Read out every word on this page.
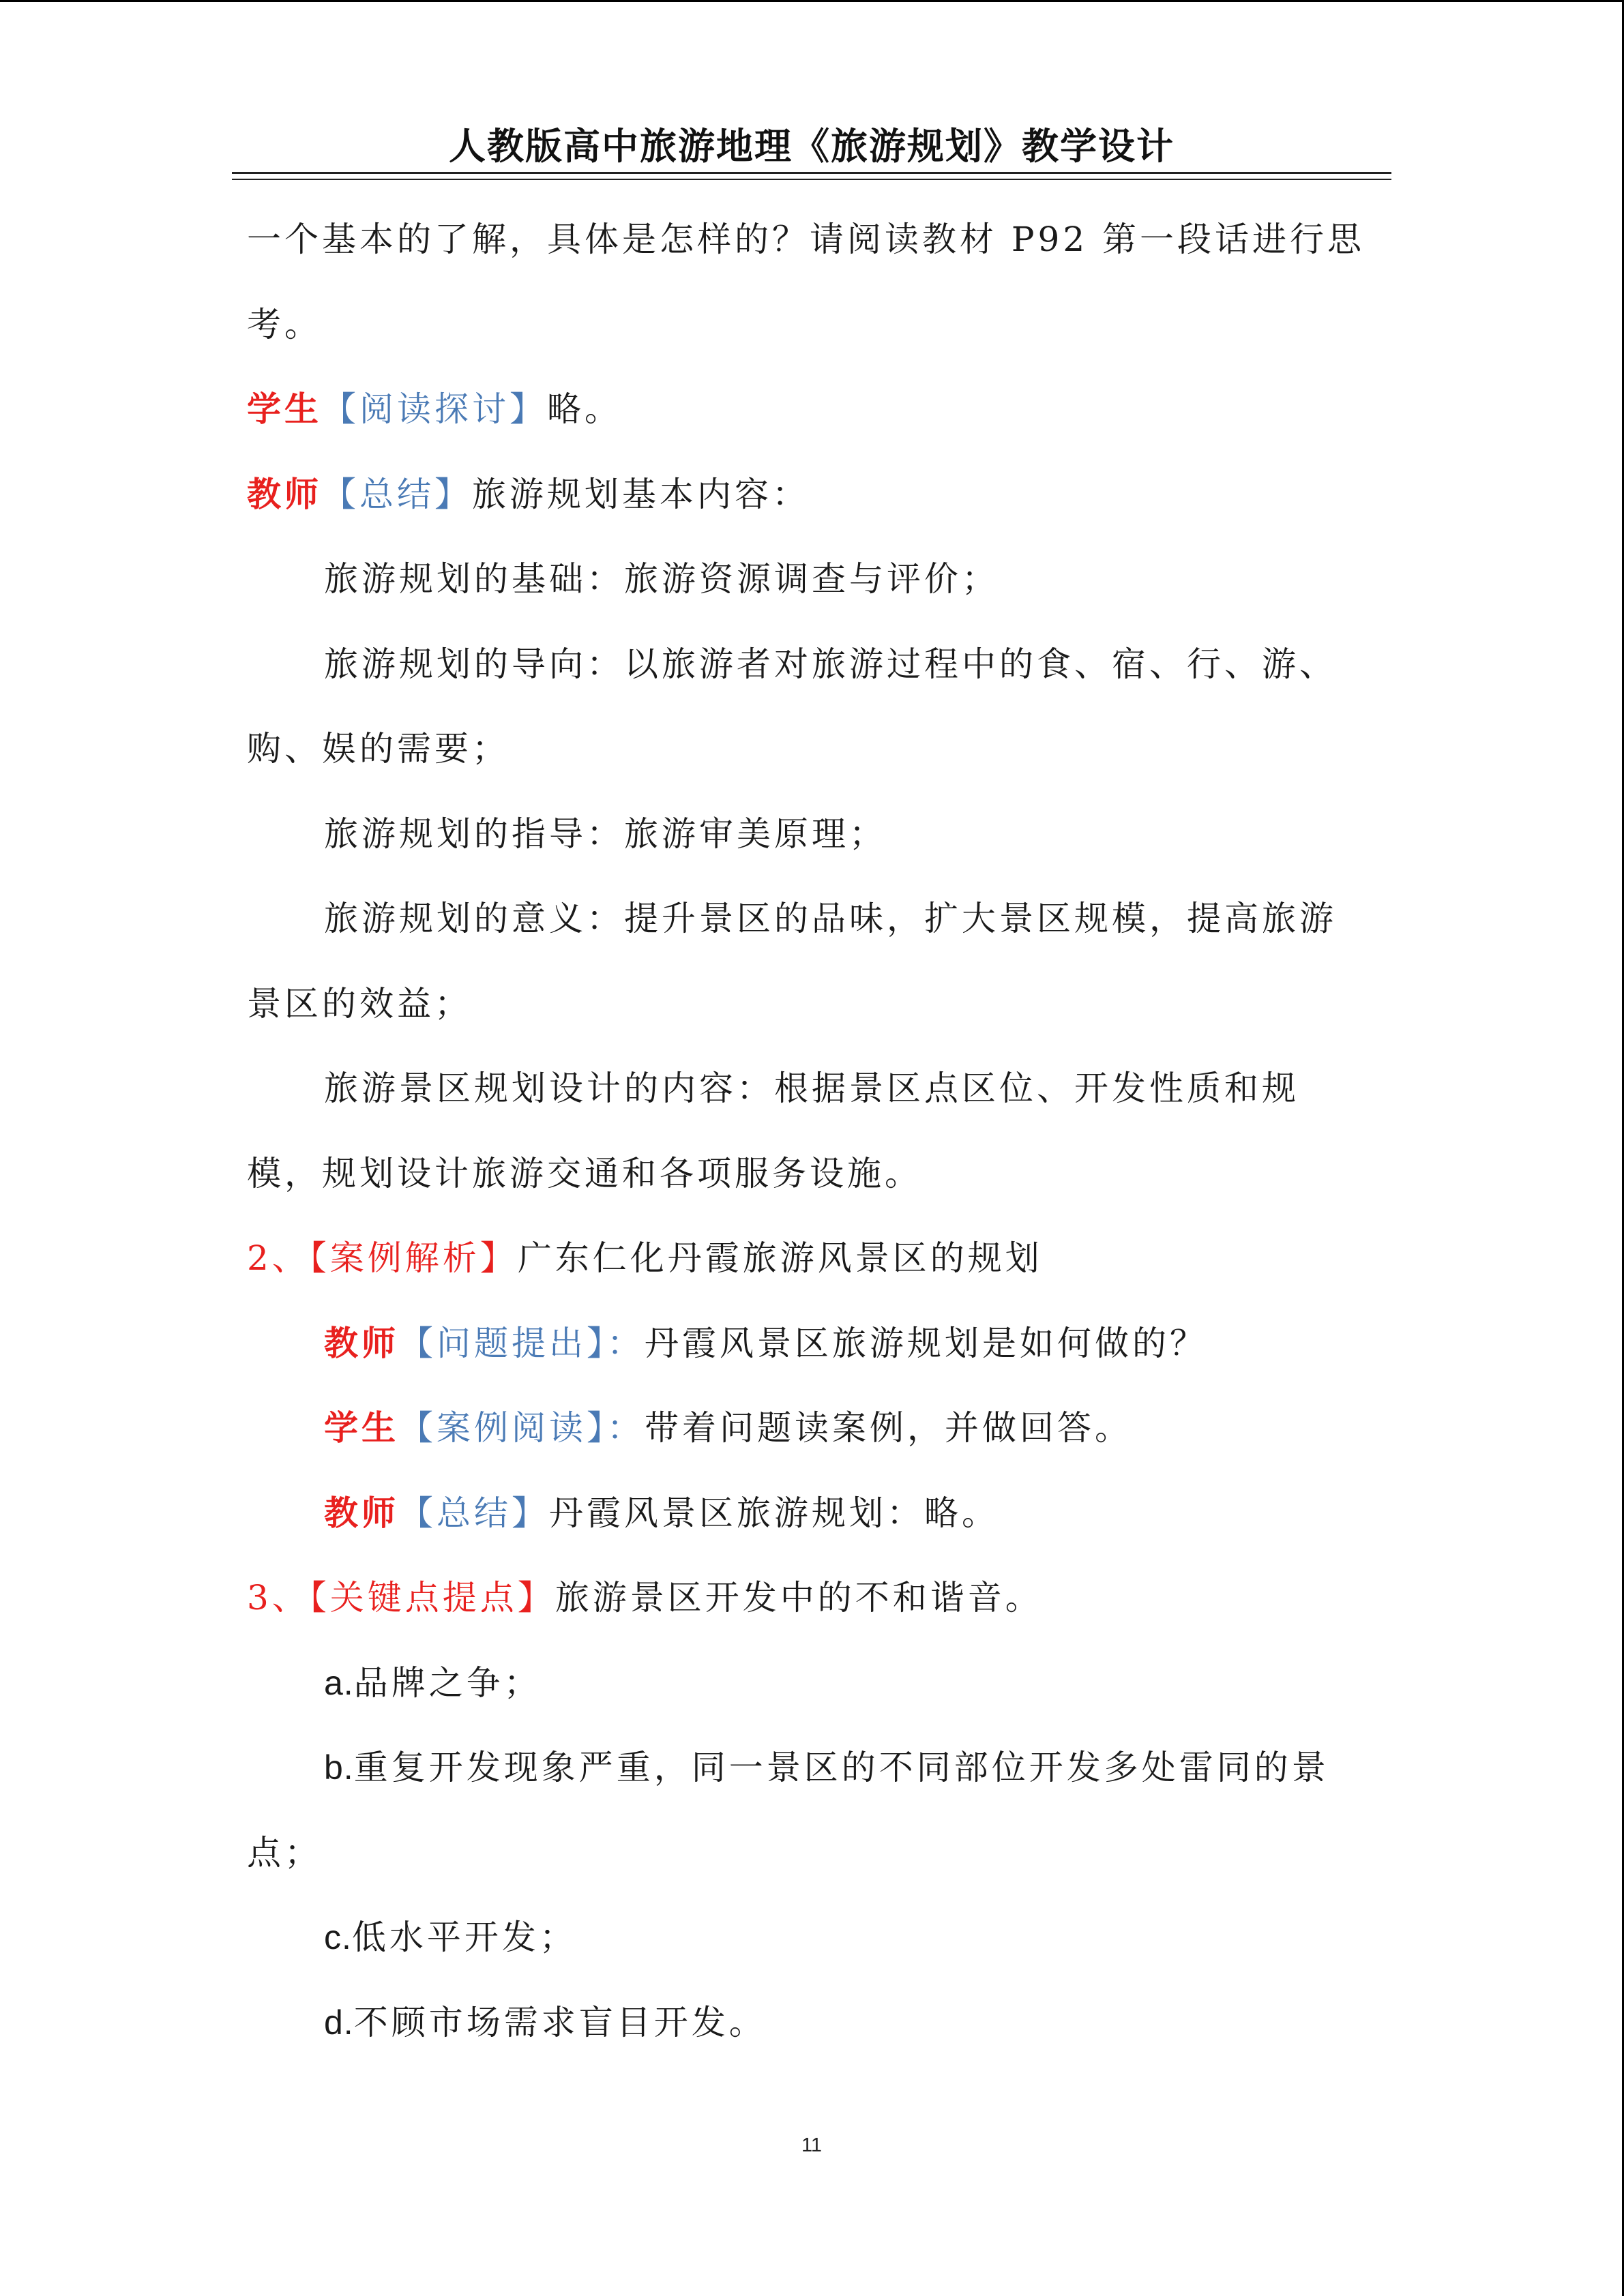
人教版高中旅游地理《旅游规划》教学设计
一个基本的了解，具体是怎样的？请阅读教材 P92 第一段话进行思
考。
学生【阅读探讨】略。
教师【总结】旅游规划基本内容：
旅游规划的基础：旅游资源调查与评价；
旅游规划的导向：以旅游者对旅游过程中的食、宿、行、游、
购、娱的需要；
旅游规划的指导：旅游审美原理；
旅游规划的意义：提升景区的品味，扩大景区规模，提高旅游
景区的效益；
旅游景区规划设计的内容：根据景区点区位、开发性质和规
模，规划设计旅游交通和各项服务设施。
2、【案例解析】广东仁化丹霞旅游风景区的规划
教师【问题提出】：丹霞风景区旅游规划是如何做的？
学生【案例阅读】：带着问题读案例，并做回答。
教师【总结】丹霞风景区旅游规划：略。
3、【关键点提点】旅游景区开发中的不和谐音。
a.品牌之争；
b.重复开发现象严重，同一景区的不同部位开发多处雷同的景
点；
c.低水平开发；
d.不顾市场需求盲目开发。
11
